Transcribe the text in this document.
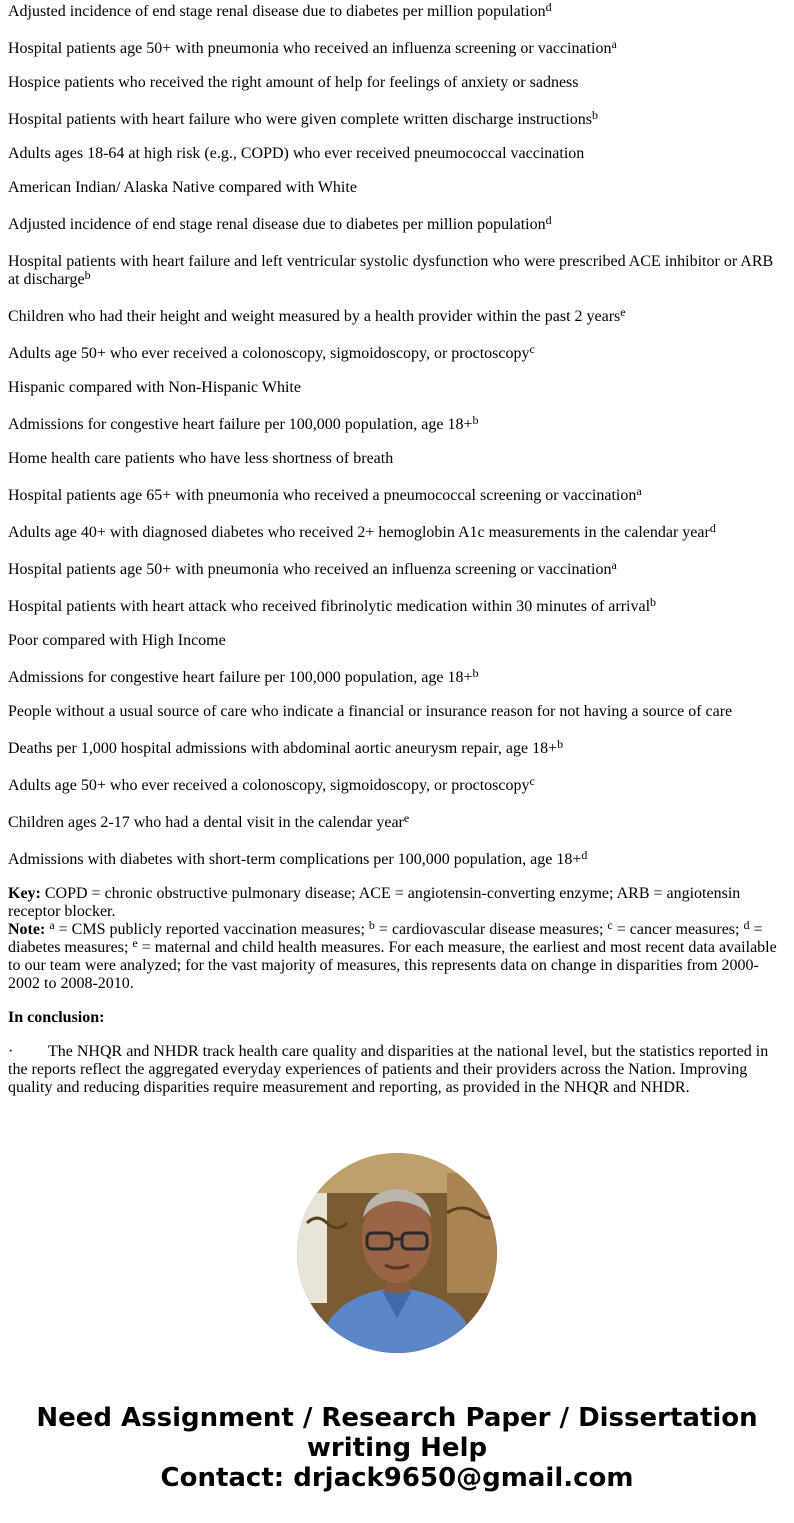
Adjusted incidence of end stage renal disease due to diabetes per million population$^d$

Hospital patients age 50+ with pneumonia who received an influenza screening or vaccination$^a$

Hospice patients who received the right amount of help for feelings of anxiety or sadness

Hospital patients with heart failure who were given complete written discharge instructions$^b$

Adults ages 18-64 at high risk (e.g., COPD) who ever received pneumococcal vaccination

American Indian/ Alaska Native compared with White

Adjusted incidence of end stage renal disease due to diabetes per million population$^d$

Hospital patients with heart failure and left ventricular systolic dysfunction who were prescribed ACE inhibitor or ARB at discharge$^b$

Children who had their height and weight measured by a health provider within the past 2 years$^e$

Adults age 50+ who ever received a colonoscopy, sigmoidoscopy, or proctoscopy$^c$

Hispanic compared with Non-Hispanic White

Admissions for congestive heart failure per 100,000 population, age 18+$^b$

Home health care patients who have less shortness of breath

Hospital patients age 65+ with pneumonia who received a pneumococcal screening or vaccination$^a$

Adults age 40+ with diagnosed diabetes who received 2+ hemoglobin A1c measurements in the calendar year$^d$

Hospital patients age 50+ with pneumonia who received an influenza screening or vaccination$^a$

Hospital patients with heart attack who received fibrinolytic medication within 30 minutes of arrival$^b$

Poor compared with High Income

Admissions for congestive heart failure per 100,000 population, age 18+$^b$

People without a usual source of care who indicate a financial or insurance reason for not having a source of care

Deaths per 1,000 hospital admissions with abdominal aortic aneurysm repair, age 18+$^b$

Adults age 50+ who ever received a colonoscopy, sigmoidoscopy, or proctoscopy$^c$

Children ages 2-17 who had a dental visit in the calendar year$^e$

Admissions with diabetes with short-term complications per 100,000 population, age 18+$^d$

Key: COPD = chronic obstructive pulmonary disease; ACE = angiotensin-converting enzyme; ARB = angiotensin receptor blocker.

Note: $^a$ = CMS publicly reported vaccination measures; $^b$ = cardiovascular disease measures; $^c$ = cancer measures; $^d$ = diabetes measures; $^e$ = maternal and child health measures. For each measure, the earliest and most recent data available to our team were analyzed; for the vast majority of measures, this represents data on change in disparities from 2000-2002 to 2008-2010.

In conclusion:

· The NHQR and NHDR track health care quality and disparities at the national level, but the statistics reported in the reports reflect the aggregated everyday experiences of patients and their providers across the Nation. Improving quality and reducing disparities require measurement and reporting, as provided in the NHQR and NHDR.

Need Assignment / Research Paper / Dissertation writing Help
Contact: drjack9650@gmail.com
